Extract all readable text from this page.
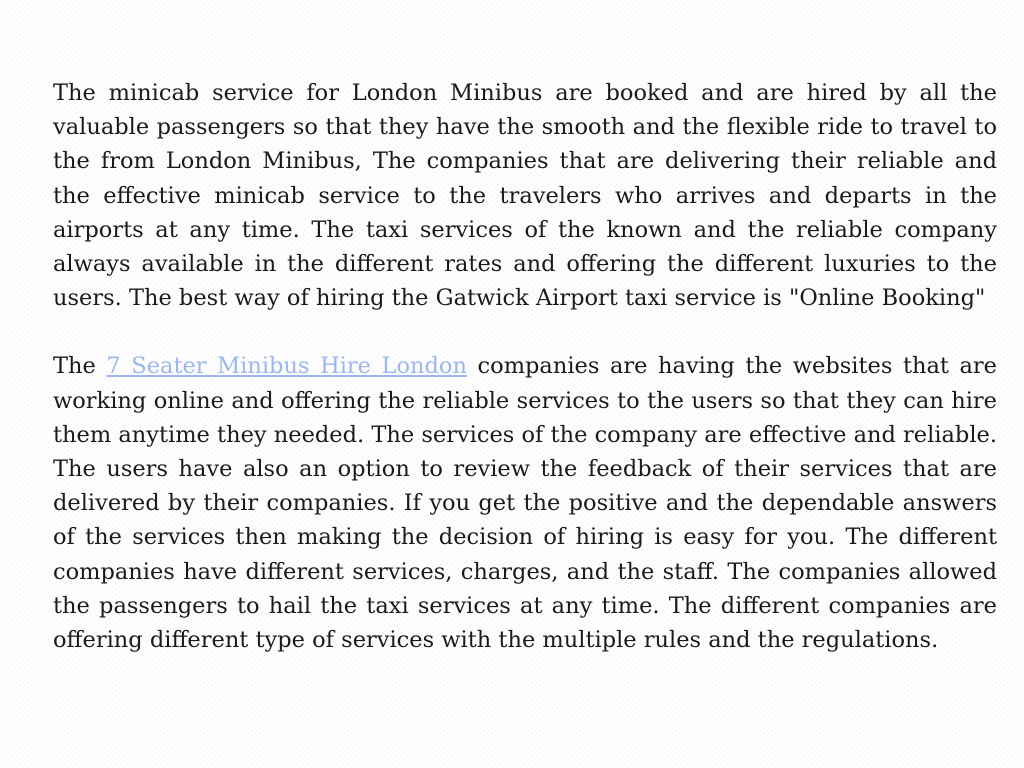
The minicab service for London Minibus are booked and are hired by all the valuable passengers so that they have the smooth and the flexible ride to travel to the from London Minibus, The companies that are delivering their reliable and the effective minicab service to the travelers who arrives and departs in the airports at any time. The taxi services of the known and the reliable company always available in the different rates and offering the different luxuries to the users. The best way of hiring the Gatwick Airport taxi service is "Online Booking"

The 7 Seater Minibus Hire London companies are having the websites that are working online and offering the reliable services to the users so that they can hire them anytime they needed. The services of the company are effective and reliable. The users have also an option to review the feedback of their services that are delivered by their companies. If you get the positive and the dependable answers of the services then making the decision of hiring is easy for you. The different companies have different services, charges, and the staff. The companies allowed the passengers to hail the taxi services at any time. The different companies are offering different type of services with the multiple rules and the regulations.
